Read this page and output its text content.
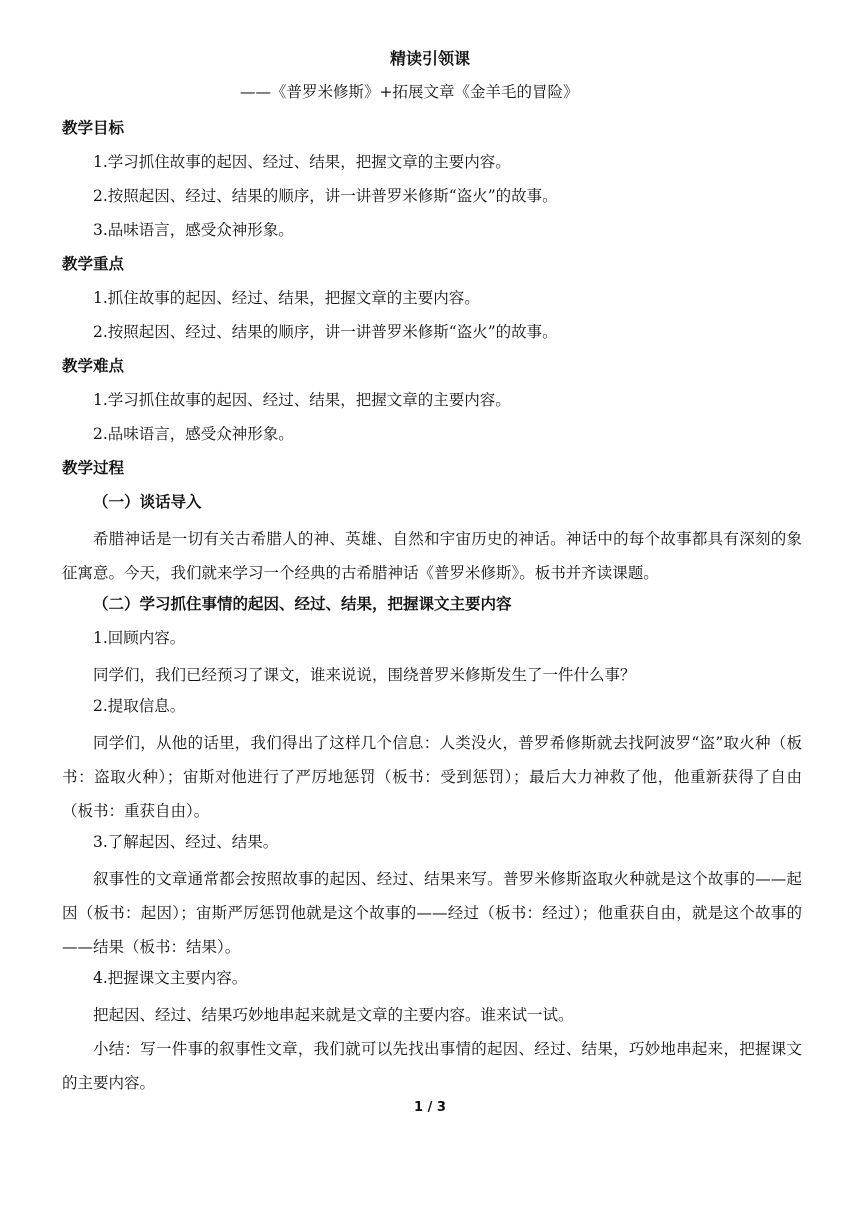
精读引领课
——《普罗米修斯》+拓展文章《金羊毛的冒险》
教学目标
1.学习抓住故事的起因、经过、结果，把握文章的主要内容。
2.按照起因、经过、结果的顺序，讲一讲普罗米修斯“盗火”的故事。
3.品味语言，感受众神形象。
教学重点
1.抓住故事的起因、经过、结果，把握文章的主要内容。
2.按照起因、经过、结果的顺序，讲一讲普罗米修斯“盗火”的故事。
教学难点
1.学习抓住故事的起因、经过、结果，把握文章的主要内容。
2.品味语言，感受众神形象。
教学过程
（一）谈话导入
希腊神话是一切有关古希腊人的神、英雄、自然和宇宙历史的神话。神话中的每个故事都具有深刻的象征寓意。今天，我们就来学习一个经典的古希腊神话《普罗米修斯》。板书并齐读课题。
（二）学习抓住事情的起因、经过、结果，把握课文主要内容
1.回顾内容。
同学们，我们已经预习了课文，谁来说说，围绕普罗米修斯发生了一件什么事？
2.提取信息。
同学们，从他的话里，我们得出了这样几个信息：人类没火，普罗希修斯就去找阿波罗“盗”取火种（板书：盗取火种）；宙斯对他进行了严厉地惩罚（板书：受到惩罚）；最后大力神救了他，他重新获得了自由（板书：重获自由）。
3.了解起因、经过、结果。
叙事性的文章通常都会按照故事的起因、经过、结果来写。普罗米修斯盗取火种就是这个故事的——起因（板书：起因）；宙斯严厉惩罚他就是这个故事的——经过（板书：经过）；他重获自由，就是这个故事的——结果（板书：结果）。
4.把握课文主要内容。
把起因、经过、结果巧妙地串起来就是文章的主要内容。谁来试一试。
小结：写一件事的叙事性文章，我们就可以先找出事情的起因、经过、结果，巧妙地串起来，把握课文的主要内容。
1 / 3
